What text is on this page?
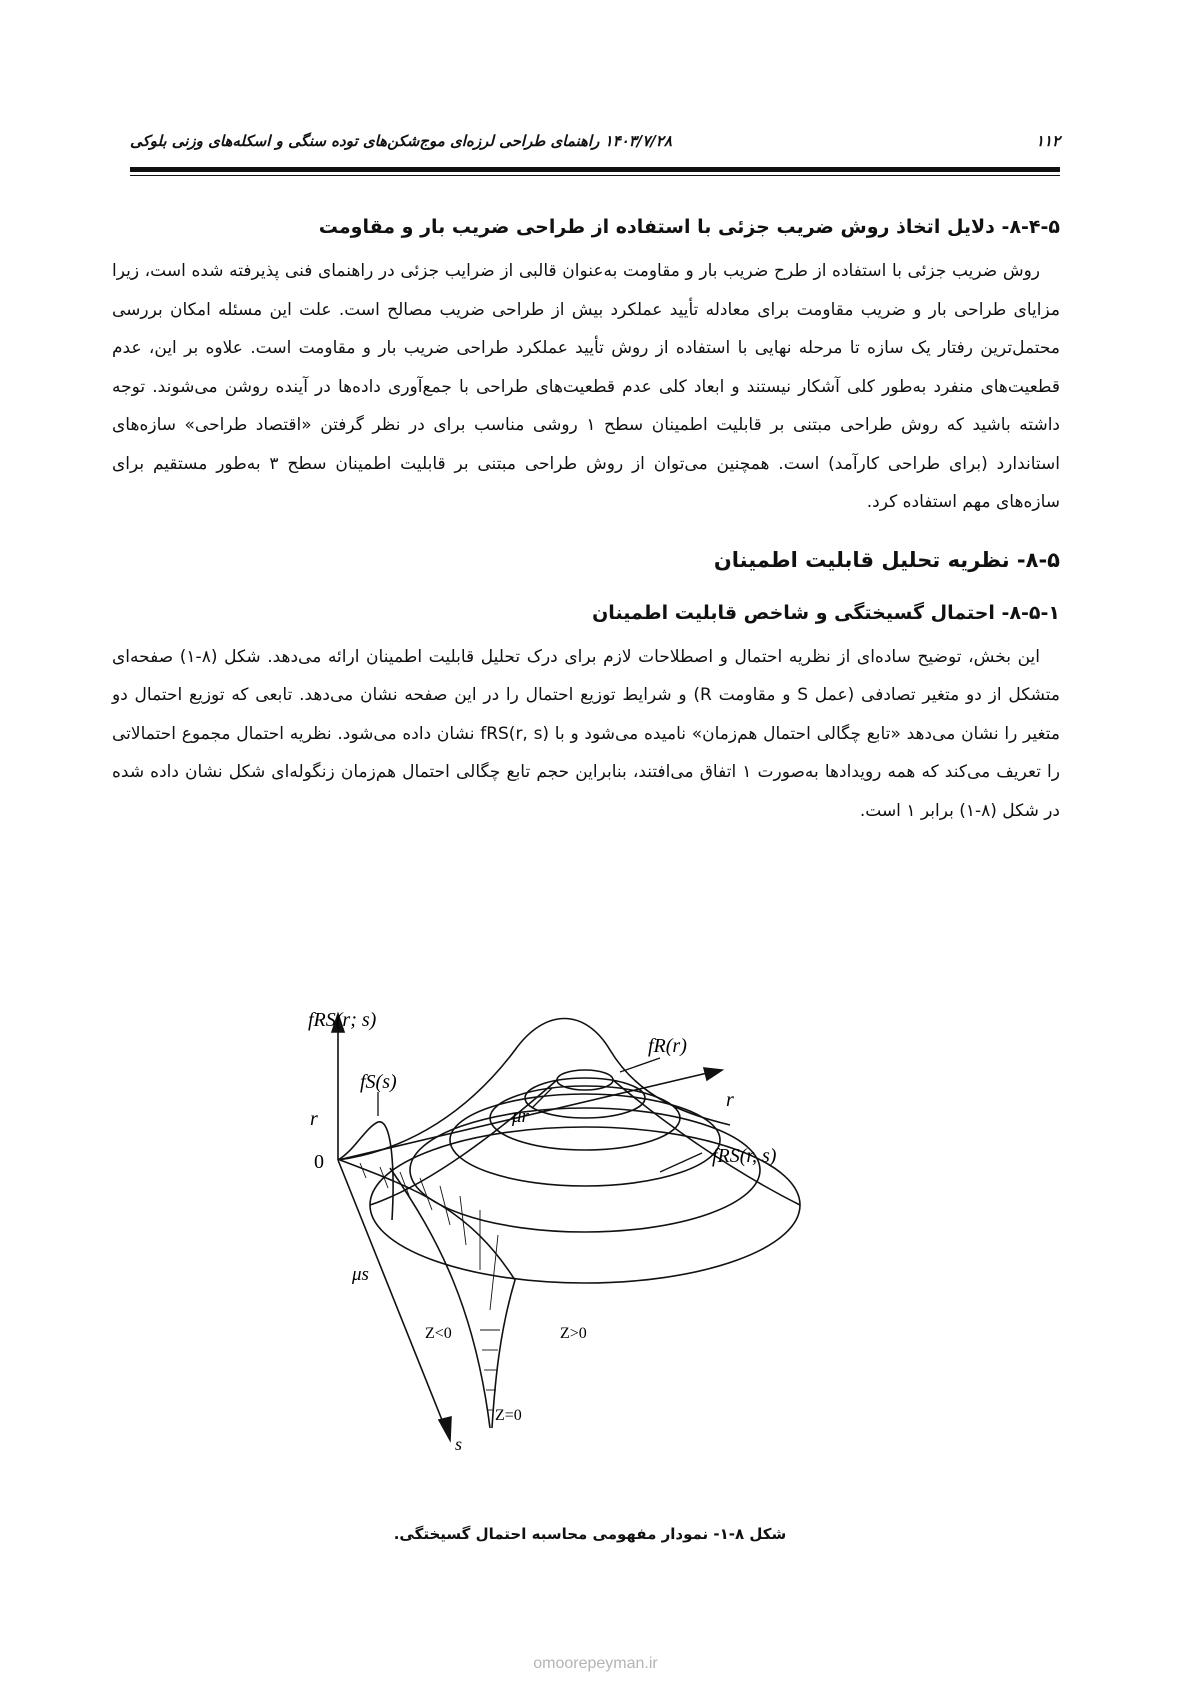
۱۱۲
۱۴۰۳/۷/۲۸ راهنمای طراحی لرزه‌ای موج‌شکن‌های توده سنگی و اسکله‌های وزنی بلوکی
۸-۴-۵- دلایل اتخاذ روش ضریب جزئی با استفاده از طراحی ضریب بار و مقاومت

روش ضریب جزئی با استفاده از طرح ضریب بار و مقاومت به‌عنوان قالبی از ضرایب جزئی در راهنمای فنی پذیرفته شده است، زیرا مزایای طراحی بار و ضریب مقاومت برای معادله تأیید عملکرد بیش از طراحی ضریب مصالح است. علت این مسئله امکان بررسی محتمل‌ترین رفتار یک سازه تا مرحله نهایی با استفاده از روش تأیید عملکرد طراحی ضریب بار و مقاومت است. علاوه بر این، عدم قطعیت‌های منفرد به‌طور کلی آشکار نیستند و ابعاد کلی عدم قطعیت‌های طراحی با جمع‌آوری داده‌ها در آینده روشن می‌شوند. توجه داشته باشید که روش طراحی مبتنی بر قابلیت اطمینان سطح ۱ روشی مناسب برای در نظر گرفتن «اقتصاد طراحی» سازه‌های استاندارد (برای طراحی کارآمد) است. همچنین می‌توان از روش طراحی مبتنی بر قابلیت اطمینان سطح ۳ به‌طور مستقیم برای سازه‌های مهم استفاده کرد.

۸-۵- نظریه تحلیل قابلیت اطمینان
۸-۵-۱- احتمال گسیختگی و شاخص قابلیت اطمینان

این بخش، توضیح ساده‌ای از نظریه احتمال و اصطلاحات لازم برای درک تحلیل قابلیت اطمینان ارائه می‌دهد. شکل (۸-۱) صفحه‌ای متشکل از دو متغیر تصادفی (عمل S و مقاومت R) و شرایط توزیع احتمال را در این صفحه نشان می‌دهد. تابعی که توزیع احتمال دو متغیر را نشان می‌دهد «تابع چگالی احتمال هم‌زمان» نامیده می‌شود و با fRS(r, s) نشان داده می‌شود. نظریه احتمال مجموع احتمالاتی را تعریف می‌کند که همه رویدادها به‌صورت ۱ اتفاق می‌افتند، بنابراین حجم تابع چگالی احتمال هم‌زمان زنگوله‌ای شکل نشان داده شده در شکل (۸-۱) برابر ۱ است.

fRS(r; s)
fR(r)
fS(s)
fRS(r, s)
μr
μs
r
r
0
s
Z<0	Z>0
Z=0
شکل ۸-۱- نمودار مفهومی محاسبه احتمال گسیختگی.
omoorepeyman.ir
